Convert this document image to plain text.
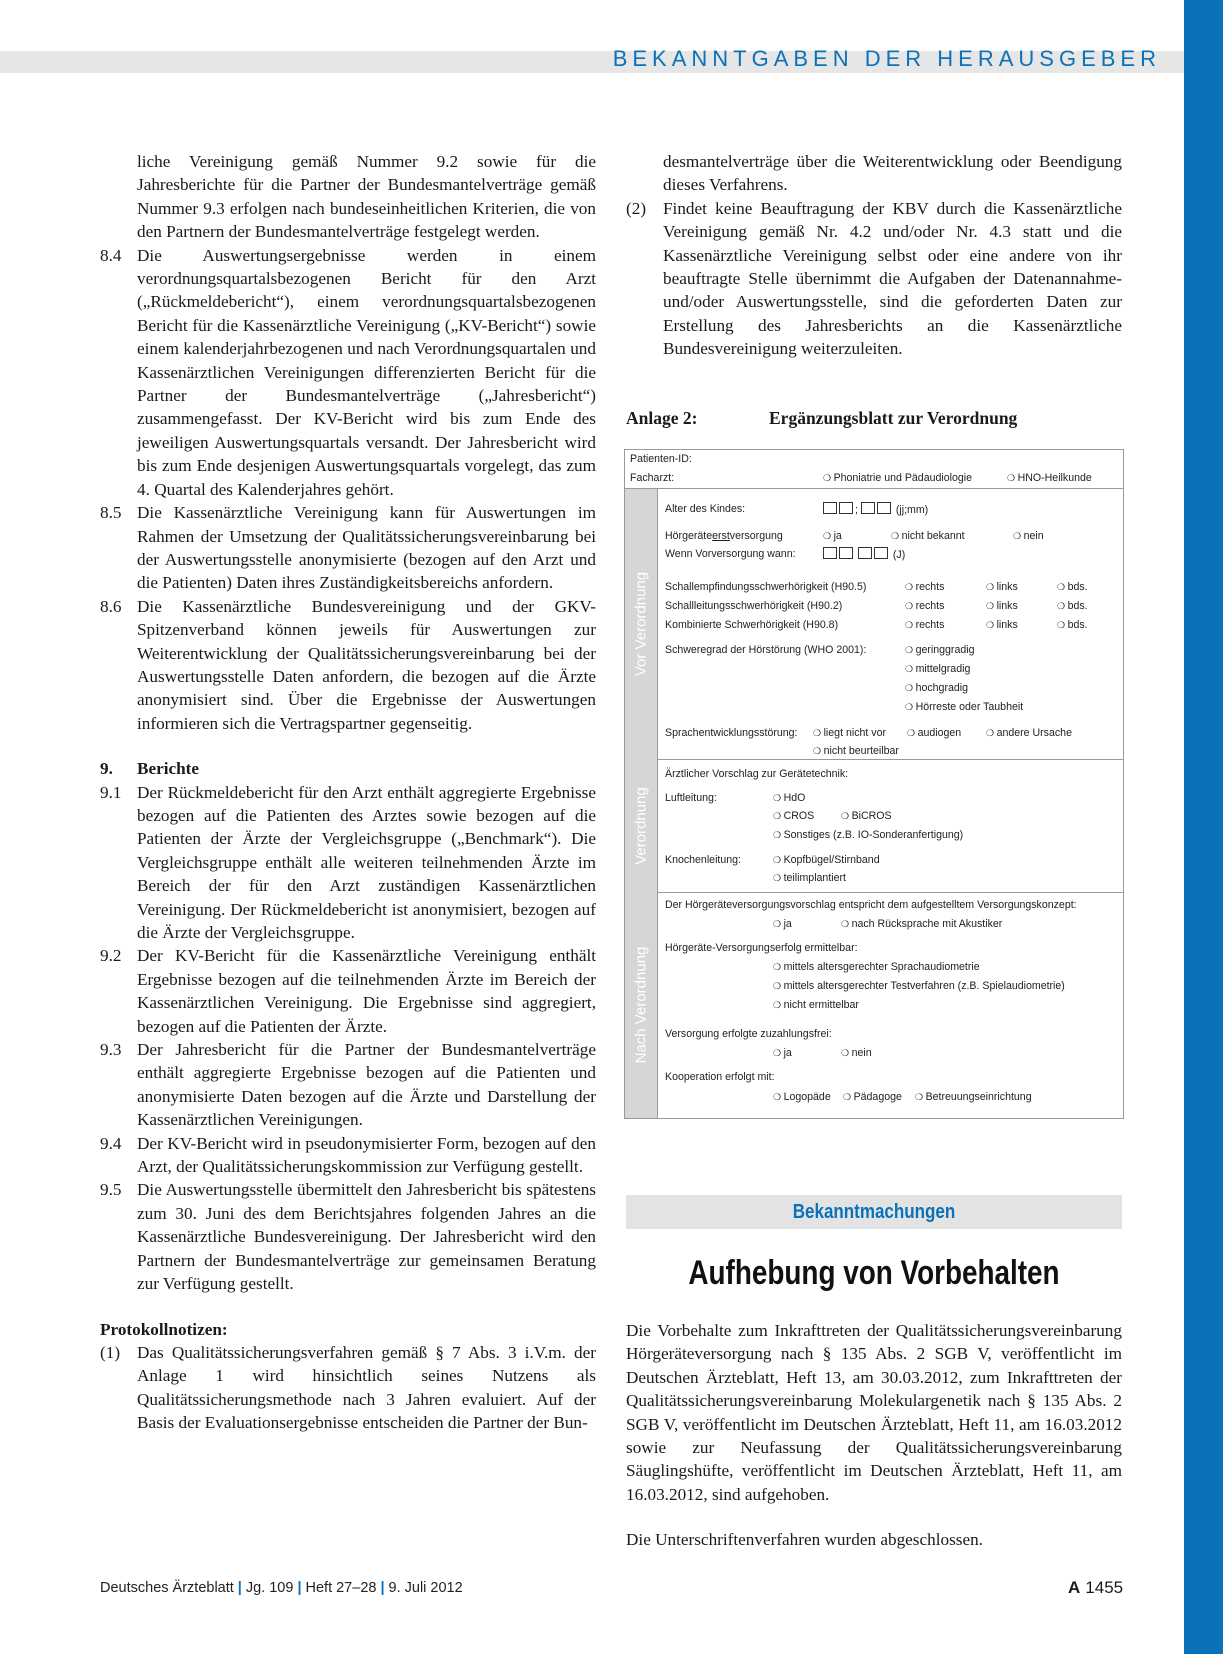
BEKANNTGABEN DER HERAUSGEBER
liche Vereinigung gemäß Nummer 9.2 sowie für die Jahresberichte für die Partner der Bundesmantelverträge gemäß Nummer 9.3 erfolgen nach bundeseinheitlichen Kriterien, die von den Partnern der Bundesmantelverträge festgelegt werden.
8.4 Die Auswertungsergebnisse werden in einem verordnungsquartalsbezogenen Bericht für den Arzt („Rückmeldebericht“), einem verordnungsquartalsbezogenen Bericht für die Kassenärztliche Vereinigung („KV-Bericht“) sowie einem kalenderjahrbezogenen und nach Verordnungsquartalen und Kassenärztlichen Vereinigungen differenzierten Bericht für die Partner der Bundesmantelverträge („Jahresbericht“) zusammengefasst. Der KV-Bericht wird bis zum Ende des jeweiligen Auswertungsquartals versandt. Der Jahresbericht wird bis zum Ende desjenigen Auswertungsquartals vorgelegt, das zum 4. Quartal des Kalenderjahres gehört.
8.5 Die Kassenärztliche Vereinigung kann für Auswertungen im Rahmen der Umsetzung der Qualitätssicherungsvereinbarung bei der Auswertungsstelle anonymisierte (bezogen auf den Arzt und die Patienten) Daten ihres Zuständigkeitsbereichs anfordern.
8.6 Die Kassenärztliche Bundesvereinigung und der GKV-Spitzenverband können jeweils für Auswertungen zur Weiterentwicklung der Qualitätssicherungsvereinbarung bei der Auswertungsstelle Daten anfordern, die bezogen auf die Ärzte anonymisiert sind. Über die Ergebnisse der Auswertungen informieren sich die Vertragspartner gegenseitig.
9.	Berichte
9.1 Der Rückmeldebericht für den Arzt enthält aggregierte Ergebnisse bezogen auf die Patienten des Arztes sowie bezogen auf die Patienten der Ärzte der Vergleichsgruppe („Benchmark“). Die Vergleichsgruppe enthält alle weiteren teilnehmenden Ärzte im Bereich der für den Arzt zuständigen Kassenärztlichen Vereinigung. Der Rückmeldebericht ist anonymisiert, bezogen auf die Ärzte der Vergleichsgruppe.
9.2 Der KV-Bericht für die Kassenärztliche Vereinigung enthält Ergebnisse bezogen auf die teilnehmenden Ärzte im Bereich der Kassenärztlichen Vereinigung. Die Ergebnisse sind aggregiert, bezogen auf die Patienten der Ärzte.
9.3 Der Jahresbericht für die Partner der Bundesmantelverträge enthält aggregierte Ergebnisse bezogen auf die Patienten und anonymisierte Daten bezogen auf die Ärzte und Darstellung der Kassenärztlichen Vereinigungen.
9.4 Der KV-Bericht wird in pseudonymisierter Form, bezogen auf den Arzt, der Qualitätssicherungskommission zur Verfügung gestellt.
9.5 Die Auswertungsstelle übermittelt den Jahresbericht bis spätestens zum 30. Juni des dem Berichtsjahres folgenden Jahres an die Kassenärztliche Bundesvereinigung. Der Jahresbericht wird den Partnern der Bundesmantelverträge zur gemeinsamen Beratung zur Verfügung gestellt.
Protokollnotizen:
(1) Das Qualitätssicherungsverfahren gemäß § 7 Abs. 3 i.V.m. der Anlage 1 wird hinsichtlich seines Nutzens als Qualitätssicherungsmethode nach 3 Jahren evaluiert. Auf der Basis der Evaluationsergebnisse entscheiden die Partner der Bun-
desmantelverträge über die Weiterentwicklung oder Beendigung dieses Verfahrens.
(2) Findet keine Beauftragung der KBV durch die Kassenärztliche Vereinigung gemäß Nr. 4.2 und/oder Nr. 4.3 statt und die Kassenärztliche Vereinigung selbst oder eine andere von ihr beauftragte Stelle übernimmt die Aufgaben der Datenannahme- und/oder Auswertungsstelle, sind die geforderten Daten zur Erstellung des Jahresberichts an die Kassenärztliche Bundesvereinigung weiterzuleiten.
Anlage 2:	Ergänzungsblatt zur Verordnung
Patienten-ID:
Facharzt:	❍ Phoniatrie und Pädaudiologie	❍ HNO-Heilkunde
Vor Verordnung
Alter des Kindes:	;	(jj;mm)
Hörgeräteerstversorgung	❍ ja	❍ nicht bekannt	❍ nein
Wenn Vorversorgung wann:	(J)
Schallempfindungsschwerhörigkeit (H90.5)	❍ rechts	❍ links	❍ bds.
Schallleitungsschwerhörigkeit (H90.2)	❍ rechts	❍ links	❍ bds.
Kombinierte Schwerhörigkeit (H90.8)	❍ rechts	❍ links	❍ bds.
Schweregrad der Hörstörung (WHO 2001):	❍ geringgradig
❍ mittelgradig
❍ hochgradig
❍ Hörreste oder Taubheit
Sprachentwicklungsstörung:	❍ liegt nicht vor	❍ audiogen	❍ andere Ursache
❍ nicht beurteilbar
Verordnung
Ärztlicher Vorschlag zur Gerätetechnik:
Luftleitung:	❍ HdO
❍ CROS	❍ BiCROS
❍ Sonstiges (z.B. IO-Sonderanfertigung)
Knochenleitung:	❍ Kopfbügel/Stirnband
❍ teilimplantiert
Nach Verordnung
Der Hörgeräteversorgungsvorschlag entspricht dem aufgestelltem Versorgungskonzept:
❍ ja	❍ nach Rücksprache mit Akustiker
Hörgeräte-Versorgungserfolg ermittelbar:
❍ mittels altersgerechter Sprachaudiometrie
❍ mittels altersgerechter Testverfahren (z.B. Spielaudiometrie)
❍ nicht ermittelbar
Versorgung erfolgte zuzahlungsfrei:
❍ ja	❍ nein
Kooperation erfolgt mit:
❍ Logopäde	❍ Pädagoge	❍ Betreuungseinrichtung
Bekanntmachungen
Aufhebung von Vorbehalten
Die Vorbehalte zum Inkrafttreten der Qualitätssicherungsvereinbarung Hörgeräteversorgung nach § 135 Abs. 2 SGB V, veröffentlicht im Deutschen Ärzteblatt, Heft 13, am 30.03.2012, zum Inkrafttreten der Qualitätssicherungsvereinbarung Molekulargenetik nach § 135 Abs. 2 SGB V, veröffentlicht im Deutschen Ärzteblatt, Heft 11, am 16.03.2012 sowie zur Neufassung der Qualitätssicherungsvereinbarung Säuglingshüfte, veröffentlicht im Deutschen Ärzteblatt, Heft 11, am 16.03.2012, sind aufgehoben.
Die Unterschriftenverfahren wurden abgeschlossen.
Deutsches Ärzteblatt | Jg. 109 | Heft 27–28 | 9. Juli 2012	A 1455
